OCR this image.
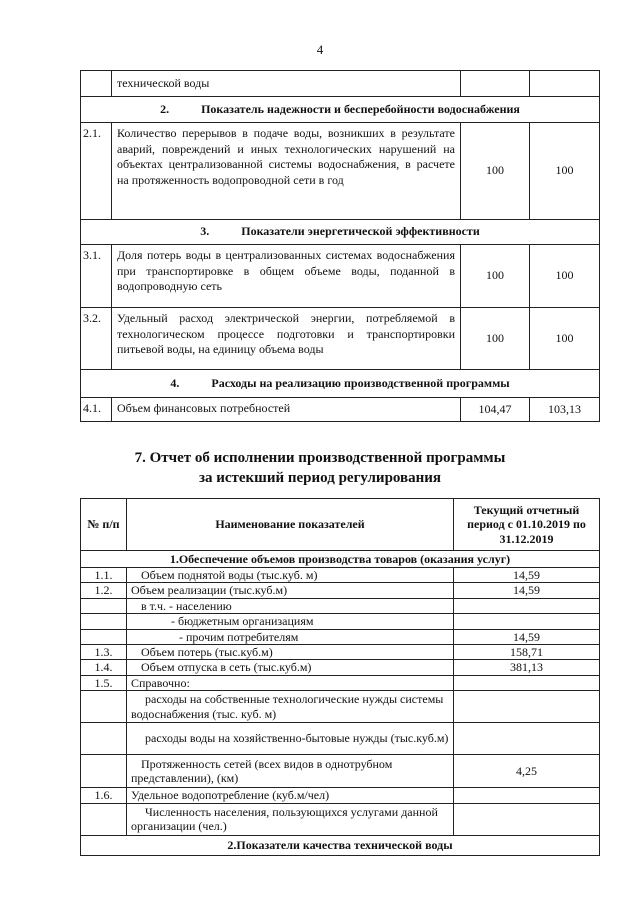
4
	технической воды		
2. Показатель надежности и бесперебойности водоснабжения			
2.1.	Количество перерывов в подаче воды, возникших в результате аварий, повреждений и иных технологических нарушений на объектах централизованной системы водоснабжения, в расчете на протяженность водопроводной сети в год	100	100
3. Показатели энергетической эффективности			
3.1.	Доля потерь воды в централизованных системах водоснабжения при транспортировке в общем объеме воды, поданной в водопроводную сеть	100	100
3.2.	Удельный расход электрической энергии, потребляемой в технологическом процессе подготовки и транспортировки питьевой воды, на единицу объема воды	100	100
4. Расходы на реализацию производственной программы			
4.1.	Объем финансовых потребностей	104,47	103,13
7. Отчет об исполнении производственной программы
за истекший период регулирования
№ п/п	Наименование показателей	Текущий отчетный период с 01.10.2019 по 31.12.2019
1.Обеспечение объемов производства товаров (оказания услуг)		
1.1.	Объем поднятой воды (тыс.куб. м)	14,59
1.2.	Объем реализации (тыс.куб.м)	14,59
	в т.ч. - населению	
	- бюджетным организациям	
	- прочим потребителям	14,59
1.3.	Объем потерь (тыс.куб.м)	158,71
1.4.	Объем отпуска в сеть (тыс.куб.м)	381,13
1.5.	Справочно:	
	расходы на собственные технологические нужды системы водоснабжения (тыс. куб. м)	
	расходы воды на хозяйственно-бытовые нужды (тыс.куб.м)	
	Протяженность сетей (всех видов в однотрубном представлении), (км)	4,25
1.6.	Удельное водопотребление (куб.м/чел)	
	Численность населения, пользующихся услугами данной организации (чел.)	
2.Показатели качества технической воды		
